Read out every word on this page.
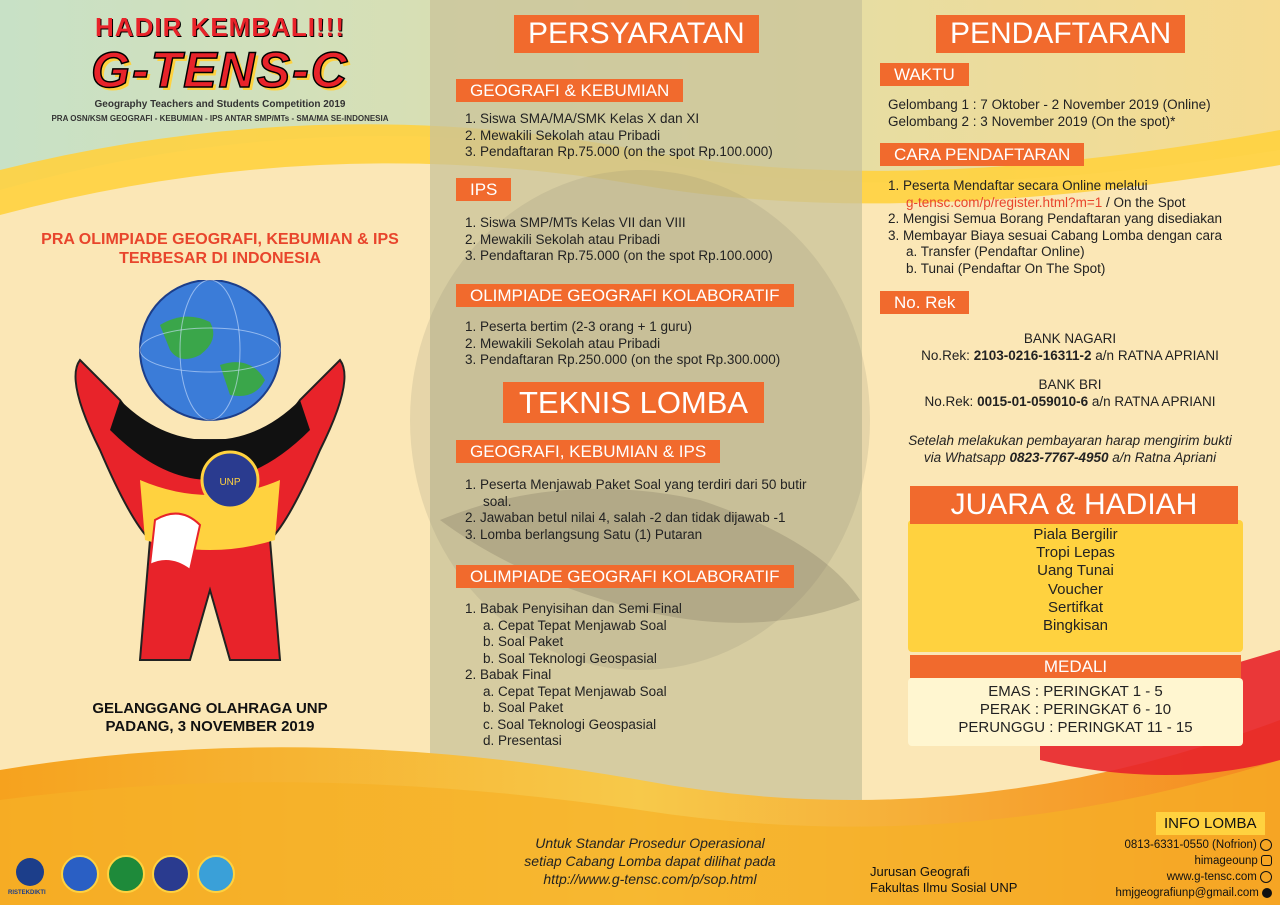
HADIR KEMBALI!!!
G-TENS-C
Geography Teachers and Students Competition 2019
PRA OSN/KSM GEOGRAFI - KEBUMIAN - IPS ANTAR SMP/MTs - SMA/MA SE-INDONESIA
PRA OLIMPIADE GEOGRAFI, KEBUMIAN & IPS
TERBESAR DI INDONESIA
UNP
GELANGGANG OLAHRAGA UNP
PADANG, 3 NOVEMBER 2019
RISTEKDIKTI
PERSYARATAN
GEOGRAFI & KEBUMIAN
1. Siswa SMA/MA/SMK Kelas X dan XI
2. Mewakili Sekolah atau Pribadi
3. Pendaftaran Rp.75.000 (on the spot Rp.100.000)
IPS
1. Siswa SMP/MTs Kelas VII dan VIII
2. Mewakili Sekolah atau Pribadi
3. Pendaftaran Rp.75.000 (on the spot Rp.100.000)
OLIMPIADE GEOGRAFI KOLABORATIF
1. Peserta bertim (2-3 orang + 1 guru)
2. Mewakili Sekolah atau Pribadi
3. Pendaftaran Rp.250.000 (on the spot Rp.300.000)
TEKNIS LOMBA
GEOGRAFI, KEBUMIAN & IPS
1. Peserta Menjawab Paket Soal yang terdiri dari 50 butir
soal.
2. Jawaban betul nilai 4, salah -2 dan tidak dijawab -1
3. Lomba berlangsung Satu (1) Putaran
OLIMPIADE GEOGRAFI KOLABORATIF
1. Babak Penyisihan dan Semi Final
a. Cepat Tepat Menjawab Soal
b. Soal Paket
b. Soal Teknologi Geospasial
2. Babak Final
a. Cepat Tepat Menjawab Soal
b. Soal Paket
c. Soal Teknologi Geospasial
d. Presentasi
Untuk Standar Prosedur Operasional
setiap Cabang Lomba dapat dilihat pada
http://www.g-tensc.com/p/sop.html
PENDAFTARAN
WAKTU
Gelombang 1 : 7 Oktober - 2 November 2019 (Online)
Gelombang 2 : 3 November 2019 (On the spot)*
CARA PENDAFTARAN
1. Peserta Mendaftar secara Online melalui
g-tensc.com/p/register.html?m=1 / On the Spot
2. Mengisi Semua Borang Pendaftaran yang disediakan
3. Membayar Biaya sesuai Cabang Lomba dengan cara
a. Transfer (Pendaftar Online)
b. Tunai (Pendaftar On The Spot)
No. Rek
BANK NAGARI
No.Rek: 2103-0216-16311-2 a/n RATNA APRIANI
BANK BRI
No.Rek: 0015-01-059010-6 a/n RATNA APRIANI
Setelah melakukan pembayaran harap mengirim bukti
via Whatsapp 0823-7767-4950 a/n Ratna Apriani
JUARA & HADIAH
Piala Bergilir
Tropi Lepas
Uang Tunai
Voucher
Sertifkat
Bingkisan
MEDALI
EMAS : PERINGKAT 1 - 5
PERAK : PERINGKAT 6 - 10
PERUNGGU : PERINGKAT 11 - 15
Jurusan Geografi
Fakultas Ilmu Sosial UNP
INFO LOMBA
0813-6331-0550 (Nofrion)
himageounp
www.g-tensc.com
hmjgeografiunp@gmail.com
